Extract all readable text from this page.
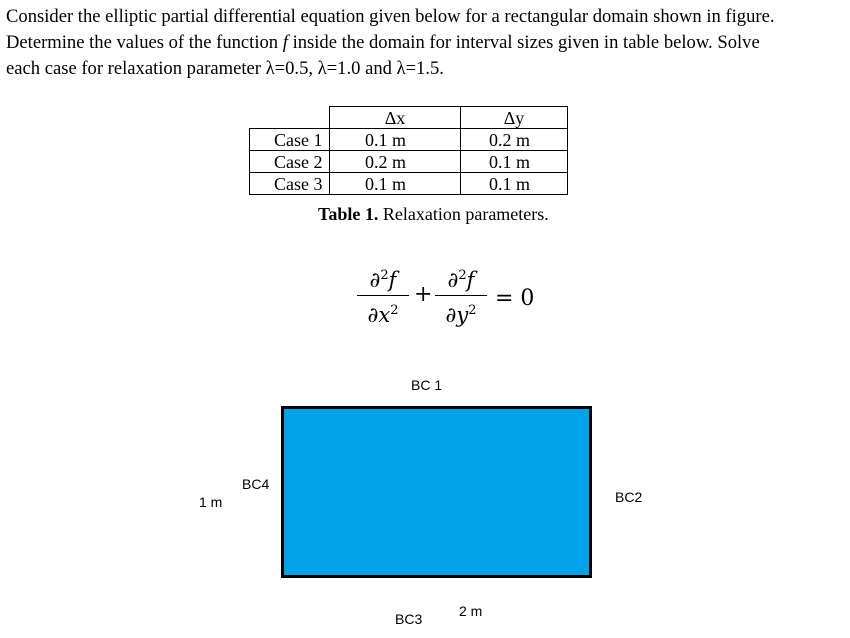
Consider the elliptic partial differential equation given below for a rectangular domain shown in figure.
Determine the values of the function f inside the domain for interval sizes given in table below. Solve
each case for relaxation parameter λ=0.5, λ=1.0 and λ=1.5.
	Δx	Δy
Case 1	0.1 m	0.2 m
Case 2	0.2 m	0.1 m
Case 3	0.1 m	0.1 m
Table 1. Relaxation parameters.
∂$^2$f
$\partial x^2$
+
∂$^2$f
$\partial y^2 = 0$
BC 1
BC4
1 m	BC2
BC3	2 m
